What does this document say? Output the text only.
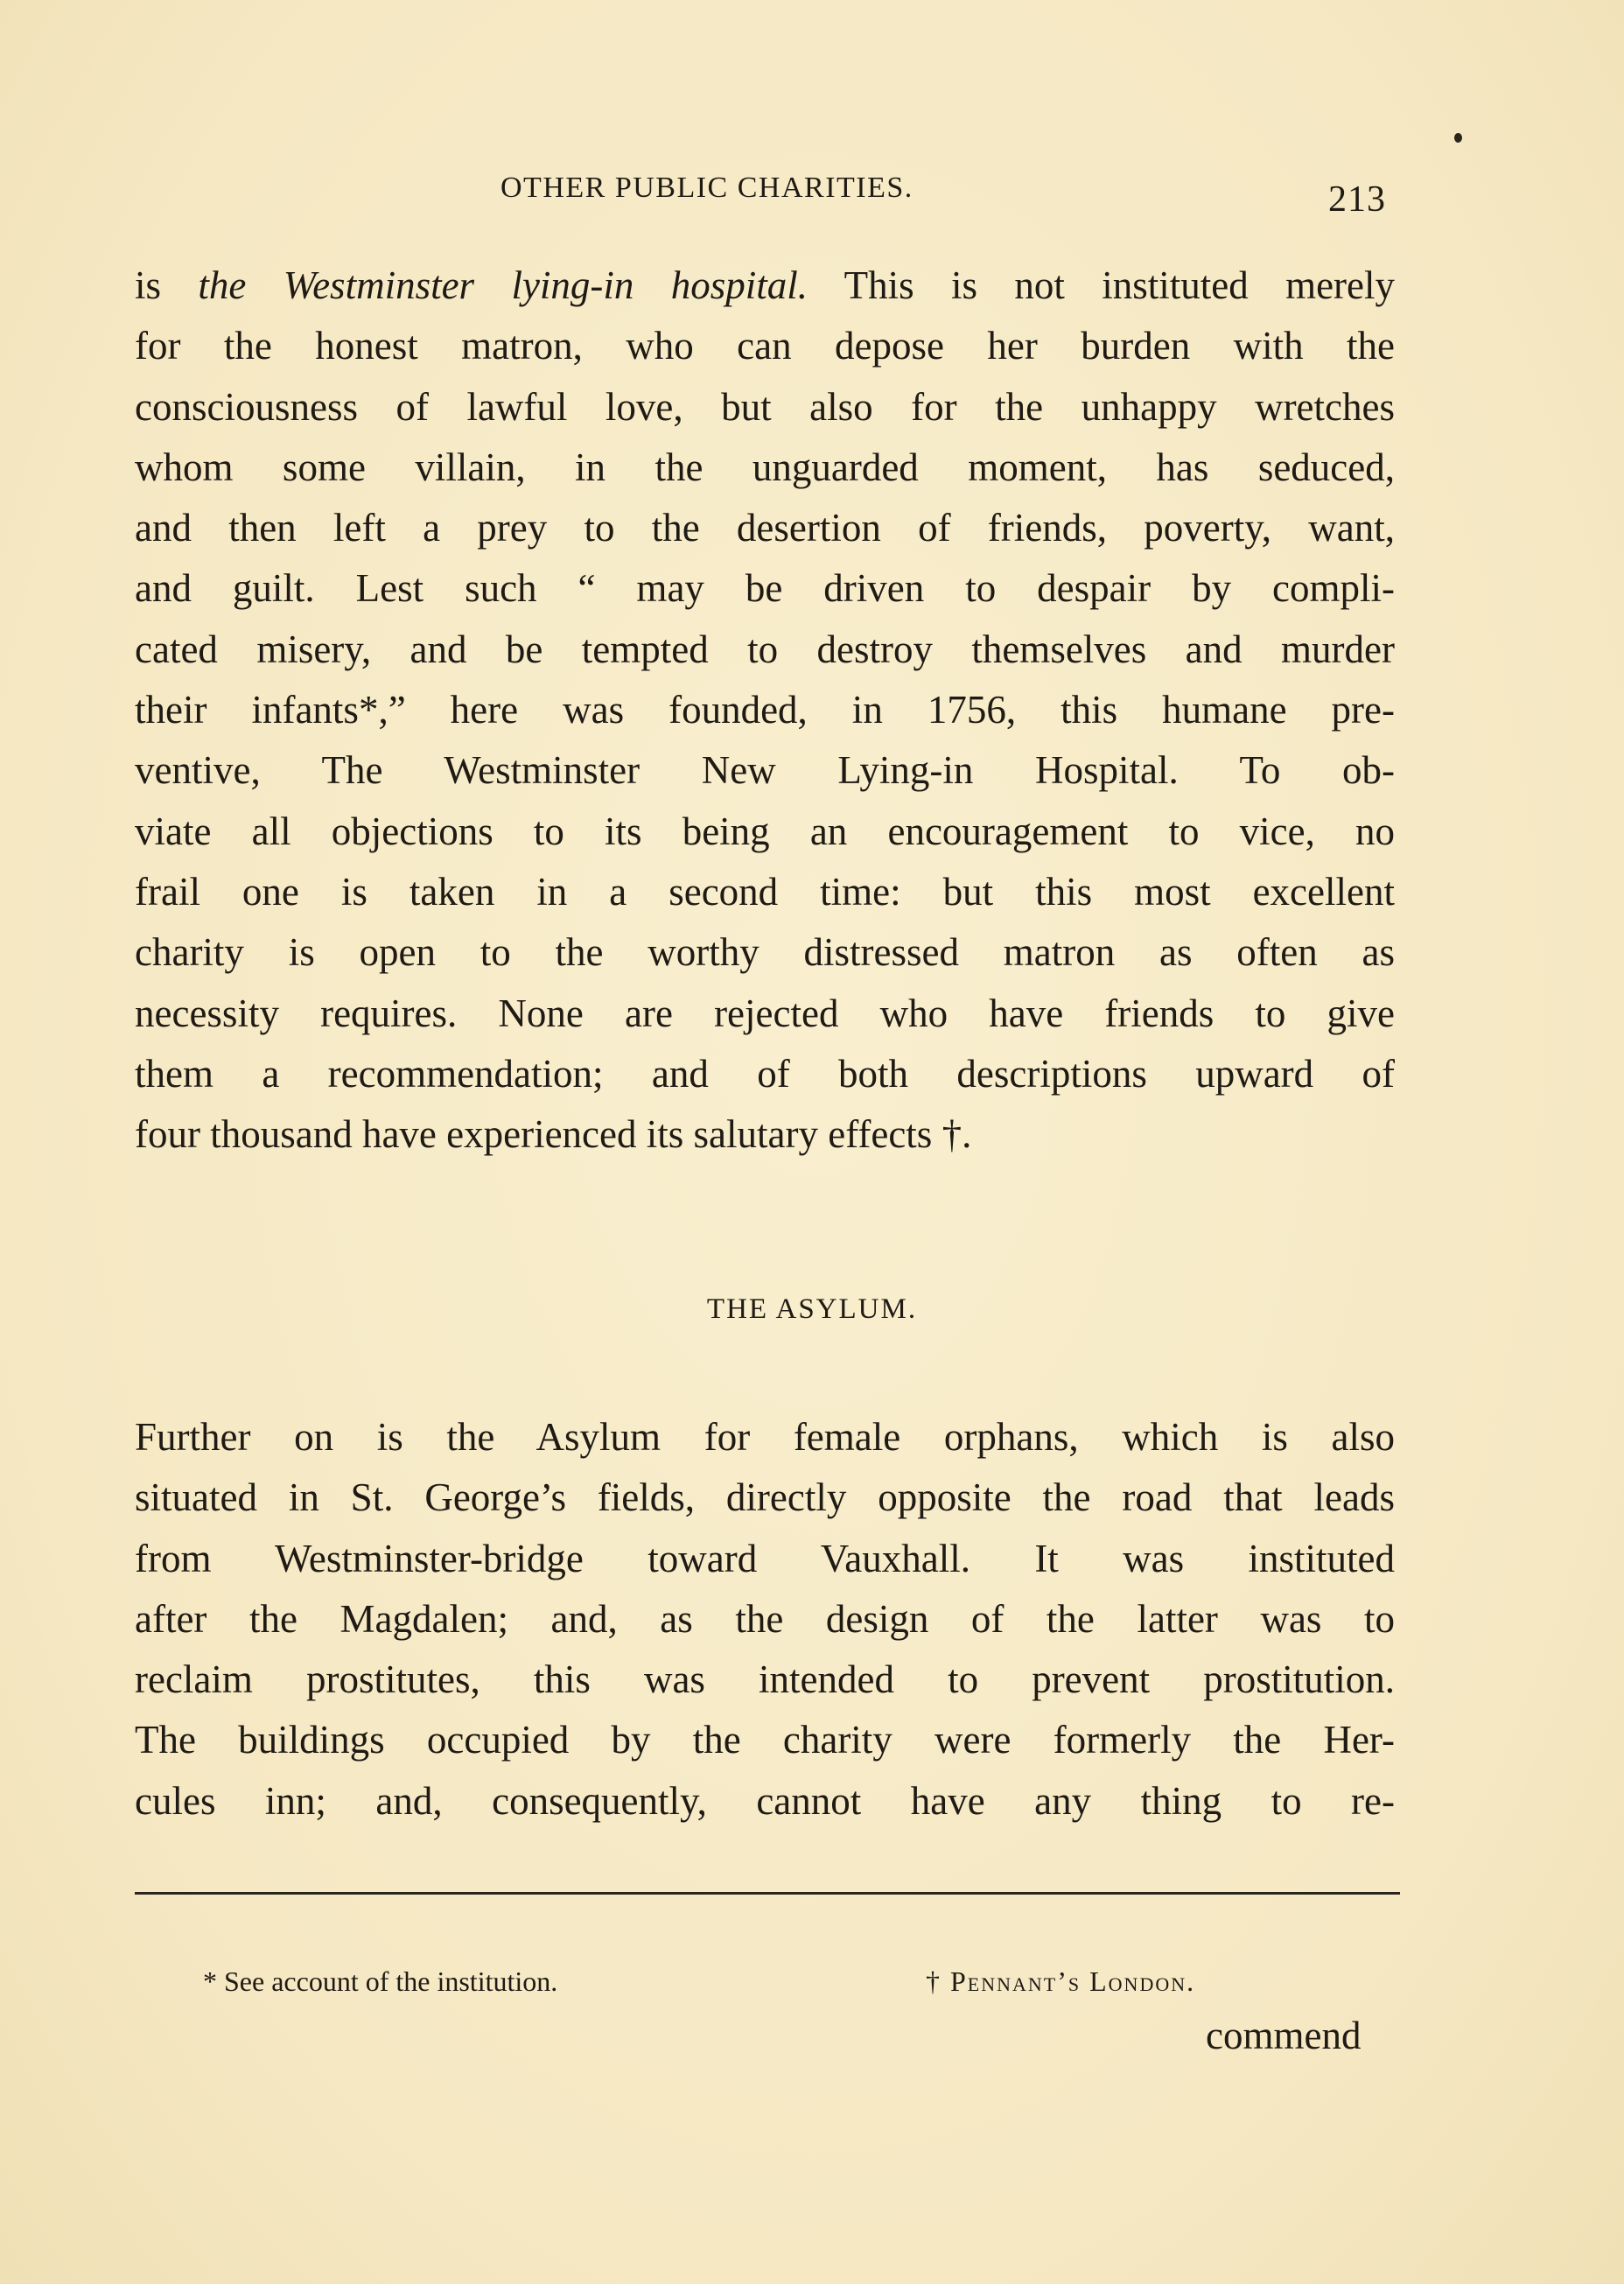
OTHER PUBLIC CHARITIES.	213
is the Westminster lying-in hospital. This is not instituted merely
for the honest matron, who can depose her burden with the
consciousness of lawful love, but also for the unhappy wretches
whom some villain, in the unguarded moment, has seduced,
and then left a prey to the desertion of friends, poverty, want,
and guilt. Lest such “ may be driven to despair by compli-
cated misery, and be tempted to destroy themselves and murder
their infants*,” here was founded, in 1756, this humane pre-
ventive, The Westminster New Lying-in Hospital. To ob-
viate all objections to its being an encouragement to vice, no
frail one is taken in a second time: but this most excellent
charity is open to the worthy distressed matron as often as
necessity requires. None are rejected who have friends to give
them a recommendation; and of both descriptions upward of
four thousand have experienced its salutary effects †.
THE ASYLUM.
Further on is the Asylum for female orphans, which is also
situated in St. George’s fields, directly opposite the road that leads
from Westminster-bridge toward Vauxhall. It was instituted
after the Magdalen; and, as the design of the latter was to
reclaim prostitutes, this was intended to prevent prostitution.
The buildings occupied by the charity were formerly the Her-
cules inn; and, consequently, cannot have any thing to re-
* See account of the institution.	† Pennant’s London.
commend
